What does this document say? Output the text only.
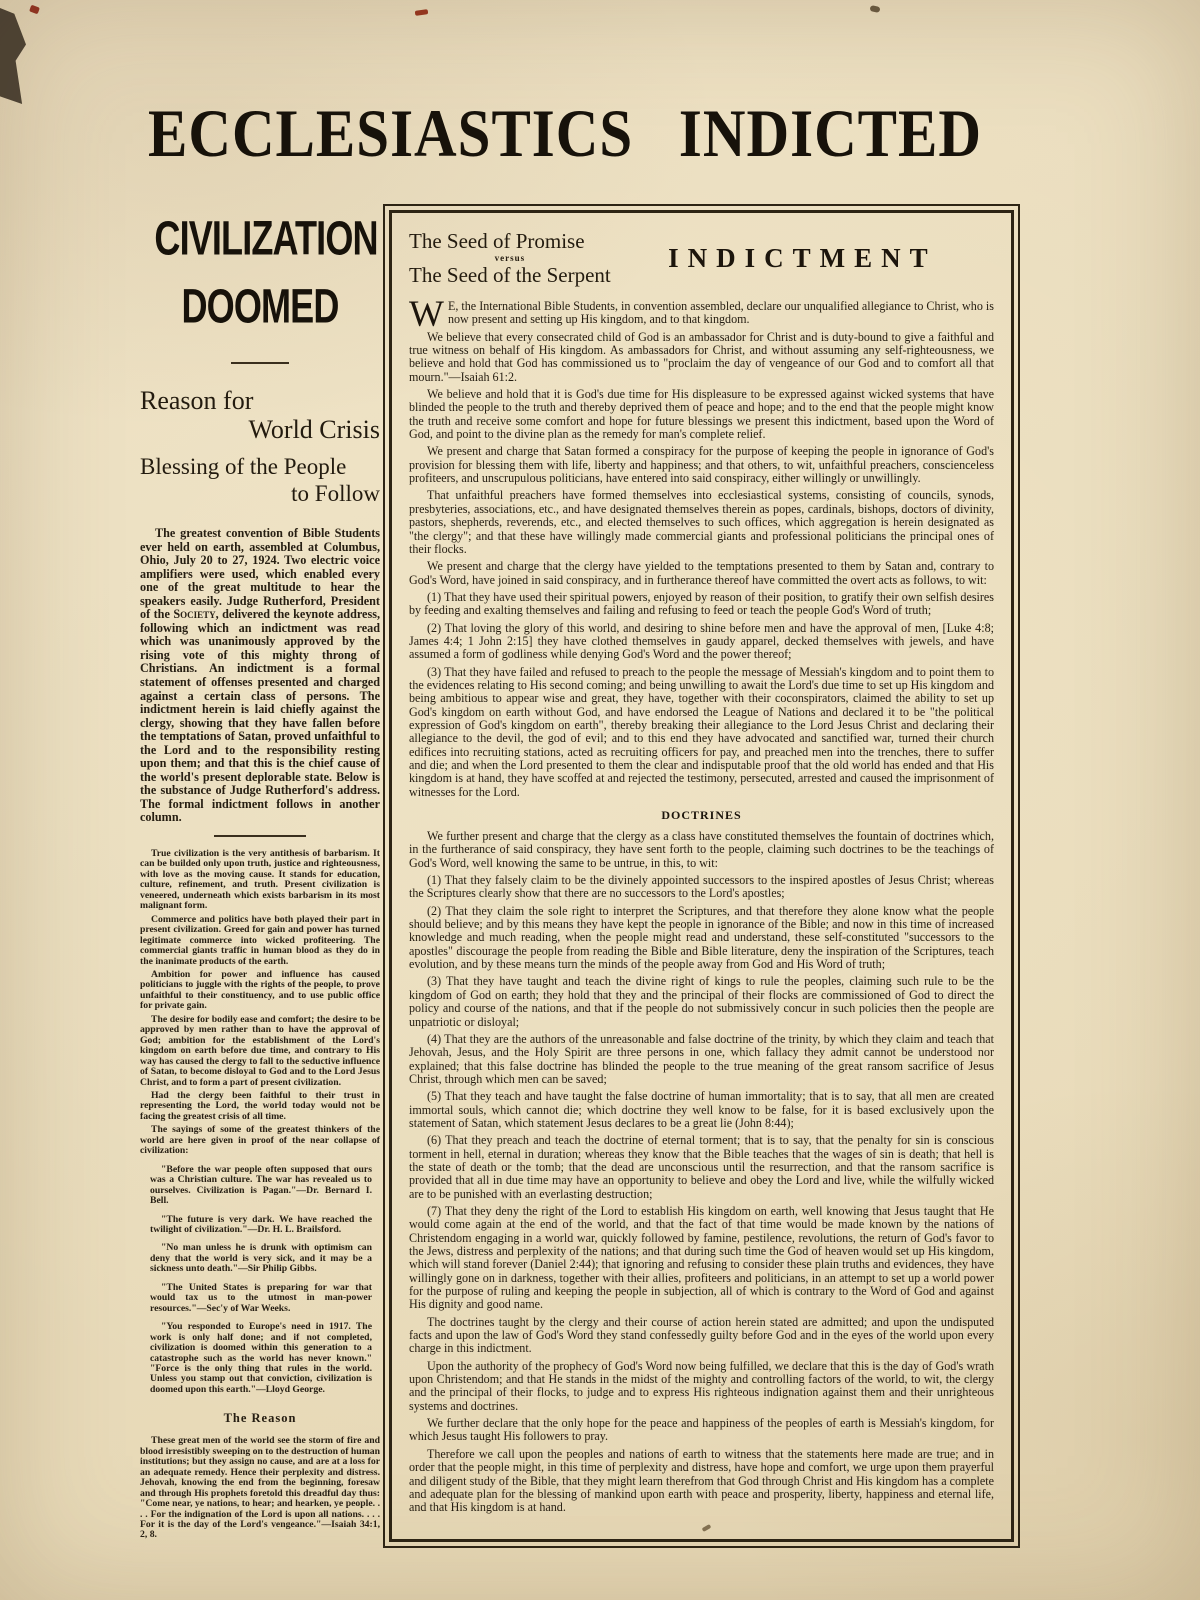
ECCLESIASTICS INDICTED
CIVILIZATION
DOOMED
Reason for
World Crisis
Blessing of the People
to Follow

The greatest convention of Bible Students ever held on earth, assembled at Columbus, Ohio, July 20 to 27, 1924. Two electric voice amplifiers were used, which enabled every one of the great multitude to hear the speakers easily. Judge Rutherford, President of the Society, delivered the keynote address, following which an indictment was read which was unanimously approved by the rising vote of this mighty throng of Christians. An indictment is a formal statement of offenses presented and charged against a certain class of persons. The indictment herein is laid chiefly against the clergy, showing that they have fallen before the temptations of Satan, proved unfaithful to the Lord and to the responsibility resting upon them; and that this is the chief cause of the world's present deplorable state. Below is the substance of Judge Rutherford's address. The formal indictment follows in another column.

True civilization is the very antithesis of barbarism. It can be builded only upon truth, justice and righteousness, with love as the moving cause. It stands for education, culture, refinement, and truth. Present civilization is veneered, underneath which exists barbarism in its most malignant form.

Commerce and politics have both played their part in present civilization. Greed for gain and power has turned legitimate commerce into wicked profiteering. The commercial giants traffic in human blood as they do in the inanimate products of the earth.

Ambition for power and influence has caused politicians to juggle with the rights of the people, to prove unfaithful to their constituency, and to use public office for private gain.

The desire for bodily ease and comfort; the desire to be approved by men rather than to have the approval of God; ambition for the establishment of the Lord's kingdom on earth before due time, and contrary to His way has caused the clergy to fall to the seductive influence of Satan, to become disloyal to God and to the Lord Jesus Christ, and to form a part of present civilization.

Had the clergy been faithful to their trust in representing the Lord, the world today would not be facing the greatest crisis of all time.

The sayings of some of the greatest thinkers of the world are here given in proof of the near collapse of civilization:

"Before the war people often supposed that ours was a Christian culture. The war has revealed us to ourselves. Civilization is Pagan."—Dr. Bernard I. Bell.

"The future is very dark. We have reached the twilight of civilization."—Dr. H. L. Brailsford.

"No man unless he is drunk with optimism can deny that the world is very sick, and it may be a sickness unto death."—Sir Philip Gibbs.

"The United States is preparing for war that would tax us to the utmost in man-power resources."—Sec'y of War Weeks.

"You responded to Europe's need in 1917. The work is only half done; and if not completed, civilization is doomed within this generation to a catastrophe such as the world has never known." "Force is the only thing that rules in the world. Unless you stamp out that conviction, civilization is doomed upon this earth."—Lloyd George.

The Reason

These great men of the world see the storm of fire and blood irresistibly sweeping on to the destruction of human institutions; but they assign no cause, and are at a loss for an adequate remedy. Hence their perplexity and distress. Jehovah, knowing the end from the beginning, foresaw and through His prophets foretold this dreadful day thus: "Come near, ye nations, to hear; and hearken, ye people. . . . For the indignation of the Lord is upon all nations. . . . For it is the day of the Lord's vengeance."—Isaiah 34:1, 2, 8.

The Seed of Promise
versus
The Seed of the Serpent
INDICTMENT

W E, the International Bible Students, in convention assembled, declare our unqualified allegiance to Christ, who is now present and setting up His kingdom, and to that kingdom.

We believe that every consecrated child of God is an ambassador for Christ and is duty-bound to give a faithful and true witness on behalf of His kingdom. As ambassadors for Christ, and without assuming any self-righteousness, we believe and hold that God has commissioned us to "proclaim the day of vengeance of our God and to comfort all that mourn."—Isaiah 61:2.

We believe and hold that it is God's due time for His displeasure to be expressed against wicked systems that have blinded the people to the truth and thereby deprived them of peace and hope; and to the end that the people might know the truth and receive some comfort and hope for future blessings we present this indictment, based upon the Word of God, and point to the divine plan as the remedy for man's complete relief.

We present and charge that Satan formed a conspiracy for the purpose of keeping the people in ignorance of God's provision for blessing them with life, liberty and happiness; and that others, to wit, unfaithful preachers, conscienceless profiteers, and unscrupulous politicians, have entered into said conspiracy, either willingly or unwillingly.

That unfaithful preachers have formed themselves into ecclesiastical systems, consisting of councils, synods, presbyteries, associations, etc., and have designated themselves therein as popes, cardinals, bishops, doctors of divinity, pastors, shepherds, reverends, etc., and elected themselves to such offices, which aggregation is herein designated as "the clergy"; and that these have willingly made commercial giants and professional politicians the principal ones of their flocks.

We present and charge that the clergy have yielded to the temptations presented to them by Satan and, contrary to God's Word, have joined in said conspiracy, and in furtherance thereof have committed the overt acts as follows, to wit:

(1) That they have used their spiritual powers, enjoyed by reason of their position, to gratify their own selfish desires by feeding and exalting themselves and failing and refusing to feed or teach the people God's Word of truth;

(2) That loving the glory of this world, and desiring to shine before men and have the approval of men, [Luke 4:8; James 4:4; 1 John 2:15] they have clothed themselves in gaudy apparel, decked themselves with jewels, and have assumed a form of godliness while denying God's Word and the power thereof;

(3) That they have failed and refused to preach to the people the message of Messiah's kingdom and to point them to the evidences relating to His second coming; and being unwilling to await the Lord's due time to set up His kingdom and being ambitious to appear wise and great, they have, together with their coconspirators, claimed the ability to set up God's kingdom on earth without God, and have endorsed the League of Nations and declared it to be "the political expression of God's kingdom on earth", thereby breaking their allegiance to the Lord Jesus Christ and declaring their allegiance to the devil, the god of evil; and to this end they have advocated and sanctified war, turned their church edifices into recruiting stations, acted as recruiting officers for pay, and preached men into the trenches, there to suffer and die; and when the Lord presented to them the clear and indisputable proof that the old world has ended and that His kingdom is at hand, they have scoffed at and rejected the testimony, persecuted, arrested and caused the imprisonment of witnesses for the Lord.

DOCTRINES

We further present and charge that the clergy as a class have constituted themselves the fountain of doctrines which, in the furtherance of said conspiracy, they have sent forth to the people, claiming such doctrines to be the teachings of God's Word, well knowing the same to be untrue, in this, to wit:

(1) That they falsely claim to be the divinely appointed successors to the inspired apostles of Jesus Christ; whereas the Scriptures clearly show that there are no successors to the Lord's apostles;

(2) That they claim the sole right to interpret the Scriptures, and that therefore they alone know what the people should believe; and by this means they have kept the people in ignorance of the Bible; and now in this time of increased knowledge and much reading, when the people might read and understand, these self-constituted "successors to the apostles" discourage the people from reading the Bible and Bible literature, deny the inspiration of the Scriptures, teach evolution, and by these means turn the minds of the people away from God and His Word of truth;

(3) That they have taught and teach the divine right of kings to rule the peoples, claiming such rule to be the kingdom of God on earth; they hold that they and the principal of their flocks are commissioned of God to direct the policy and course of the nations, and that if the people do not submissively concur in such policies then the people are unpatriotic or disloyal;

(4) That they are the authors of the unreasonable and false doctrine of the trinity, by which they claim and teach that Jehovah, Jesus, and the Holy Spirit are three persons in one, which fallacy they admit cannot be understood nor explained; that this false doctrine has blinded the people to the true meaning of the great ransom sacrifice of Jesus Christ, through which men can be saved;

(5) That they teach and have taught the false doctrine of human immortality; that is to say, that all men are created immortal souls, which cannot die; which doctrine they well know to be false, for it is based exclusively upon the statement of Satan, which statement Jesus declares to be a great lie (John 8:44);

(6) That they preach and teach the doctrine of eternal torment; that is to say, that the penalty for sin is conscious torment in hell, eternal in duration; whereas they know that the Bible teaches that the wages of sin is death; that hell is the state of death or the tomb; that the dead are unconscious until the resurrection, and that the ransom sacrifice is provided that all in due time may have an opportunity to believe and obey the Lord and live, while the wilfully wicked are to be punished with an everlasting destruction;

(7) That they deny the right of the Lord to establish His kingdom on earth, well knowing that Jesus taught that He would come again at the end of the world, and that the fact of that time would be made known by the nations of Christendom engaging in a world war, quickly followed by famine, pestilence, revolutions, the return of God's favor to the Jews, distress and perplexity of the nations; and that during such time the God of heaven would set up His kingdom, which will stand forever (Daniel 2:44); that ignoring and refusing to consider these plain truths and evidences, they have willingly gone on in darkness, together with their allies, profiteers and politicians, in an attempt to set up a world power for the purpose of ruling and keeping the people in subjection, all of which is contrary to the Word of God and against His dignity and good name.

The doctrines taught by the clergy and their course of action herein stated are admitted; and upon the undisputed facts and upon the law of God's Word they stand confessedly guilty before God and in the eyes of the world upon every charge in this indictment.

Upon the authority of the prophecy of God's Word now being fulfilled, we declare that this is the day of God's wrath upon Christendom; and that He stands in the midst of the mighty and controlling factors of the world, to wit, the clergy and the principal of their flocks, to judge and to express His righteous indignation against them and their unrighteous systems and doctrines.

We further declare that the only hope for the peace and happiness of the peoples of earth is Messiah's kingdom, for which Jesus taught His followers to pray.

Therefore we call upon the peoples and nations of earth to witness that the statements here made are true; and in order that the people might, in this time of perplexity and distress, have hope and comfort, we urge upon them prayerful and diligent study of the Bible, that they might learn therefrom that God through Christ and His kingdom has a complete and adequate plan for the blessing of mankind upon earth with peace and prosperity, liberty, happiness and eternal life, and that His kingdom is at hand.
